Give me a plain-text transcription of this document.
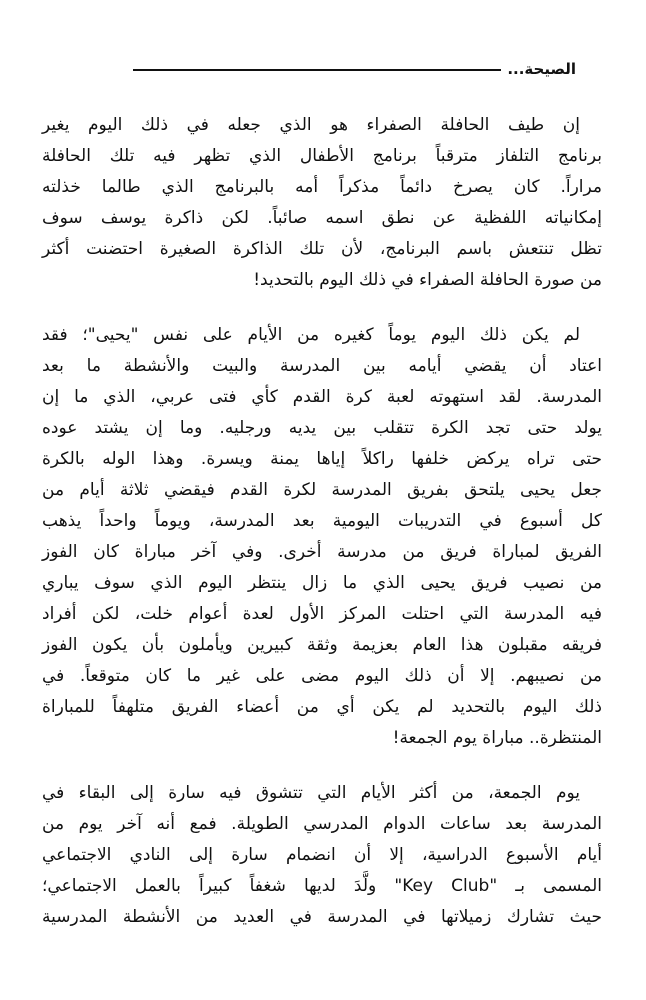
الصيحة...

إن طيف الحافلة الصفراء هو الذي جعله في ذلك اليوم يغير
برنامج التلفاز مترقباً برنامج الأطفال الذي تظهر فيه تلك الحافلة
مراراً. كان يصرخ دائماً مذكراً أمه بالبرنامج الذي طالما خذلته
إمكانياته اللفظية عن نطق اسمه صائباً. لكن ذاكرة يوسف سوف
تظل تنتعش باسم البرنامج، لأن تلك الذاكرة الصغيرة احتضنت أكثر
من صورة الحافلة الصفراء في ذلك اليوم بالتحديد!

لم يكن ذلك اليوم يوماً كغيره من الأيام على نفس "يحيى"؛ فقد
اعتاد أن يقضي أيامه بين المدرسة والبيت والأنشطة ما بعد
المدرسة. لقد استهوته لعبة كرة القدم كأي فتى عربي، الذي ما إن
يولد حتى تجد الكرة تتقلب بين يديه ورجليه. وما إن يشتد عوده
حتى تراه يركض خلفها راكلاً إياها يمنة ويسرة. وهذا الوله بالكرة
جعل يحيى يلتحق بفريق المدرسة لكرة القدم فيقضي ثلاثة أيام من
كل أسبوع في التدريبات اليومية بعد المدرسة، ويوماً واحداً يذهب
الفريق لمباراة فريق من مدرسة أخرى. وفي آخر مباراة كان الفوز
من نصيب فريق يحيى الذي ما زال ينتظر اليوم الذي سوف يباري
فيه المدرسة التي احتلت المركز الأول لعدة أعوام خلت، لكن أفراد
فريقه مقبلون هذا العام بعزيمة وثقة كبيرين ويأملون بأن يكون الفوز
من نصيبهم. إلا أن ذلك اليوم مضى على غير ما كان متوقعاً. في
ذلك اليوم بالتحديد لم يكن أي من أعضاء الفريق متلهفاً للمباراة
المنتظرة.. مباراة يوم الجمعة!

يوم الجمعة، من أكثر الأيام التي تتشوق فيه سارة إلى البقاء في
المدرسة بعد ساعات الدوام المدرسي الطويلة. فمع أنه آخر يوم من
أيام الأسبوع الدراسية، إلا أن انضمام سارة إلى النادي الاجتماعي
المسمى بـ "Key Club" ولَّدَ لديها شغفاً كبيراً بالعمل الاجتماعي؛
حيث تشارك زميلاتها في المدرسة في العديد من الأنشطة المدرسية
